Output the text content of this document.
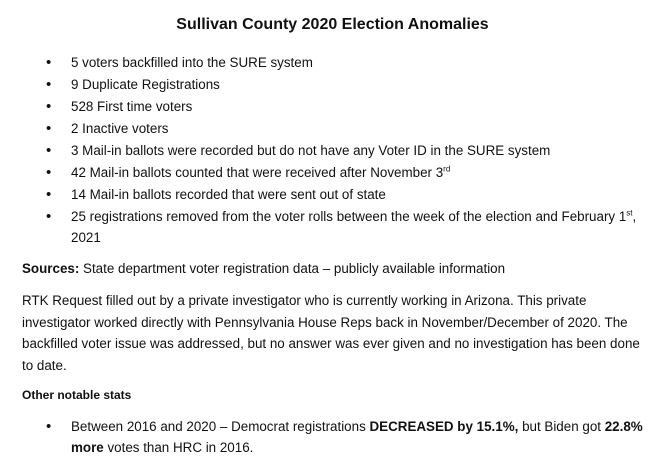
Sullivan County 2020 Election Anomalies
• 5 voters backfilled into the SURE system
• 9 Duplicate Registrations
• 528 First time voters
• 2 Inactive voters
• 3 Mail-in ballots were recorded but do not have any Voter ID in the SURE system
• 42 Mail-in ballots counted that were received after November 3rd
• 14 Mail-in ballots recorded that were sent out of state
• 25 registrations removed from the voter rolls between the week of the election and February 1st, 2021
Sources: State department voter registration data – publicly available information
RTK Request filled out by a private investigator who is currently working in Arizona. This private investigator worked directly with Pennsylvania House Reps back in November/December of 2020. The backfilled voter issue was addressed, but no answer was ever given and no investigation has been done to date.
Other notable stats
• Between 2016 and 2020 – Democrat registrations DECREASED by 15.1%, but Biden got 22.8% more votes than HRC in 2016.
